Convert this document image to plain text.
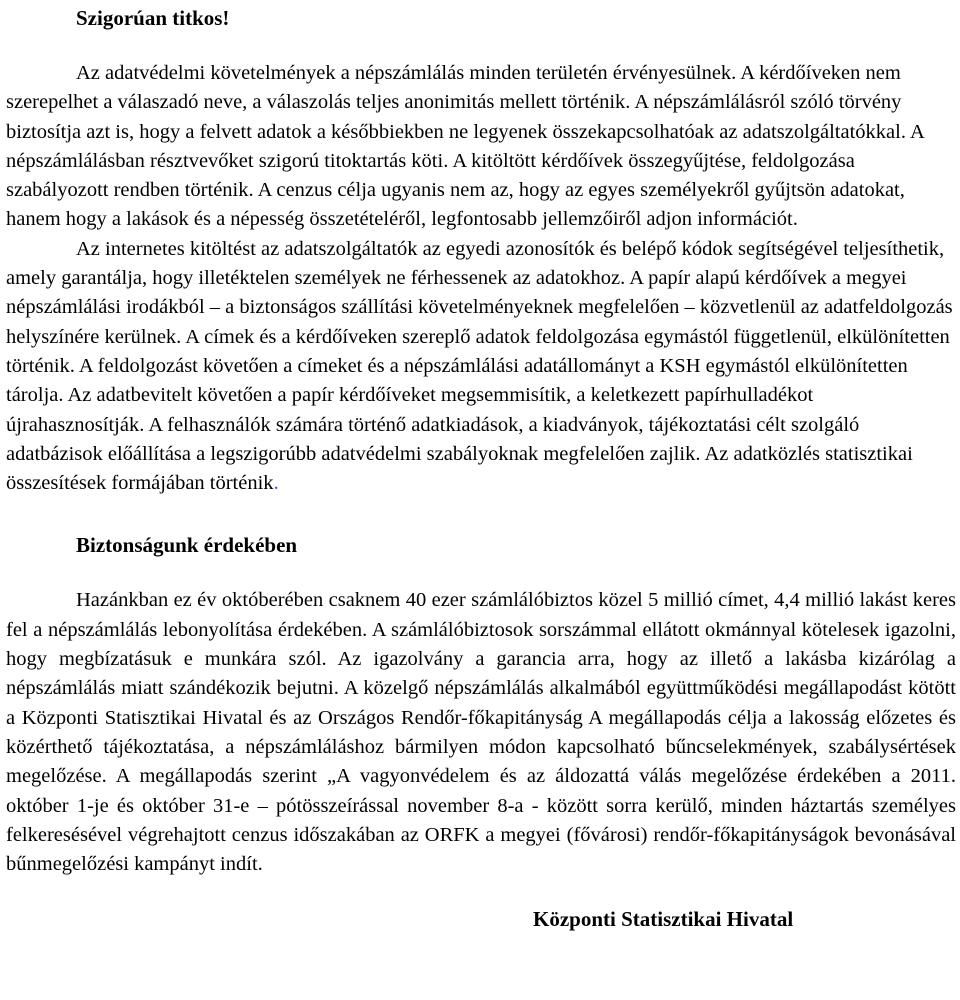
Szigorúan titkos!

Az adatvédelmi követelmények a népszámlálás minden területén érvényesülnek. A kérdőíveken nem szerepelhet a válaszadó neve, a válaszolás teljes anonimitás mellett történik. A népszámlálásról szóló törvény biztosítja azt is, hogy a felvett adatok a későbbiekben ne legyenek összekapcsolhatóak az adatszolgáltatókkal. A népszámlálásban résztvevőket szigorú titoktartás köti. A kitöltött kérdőívek összegyűjtése, feldolgozása szabályozott rendben történik. A cenzus célja ugyanis nem az, hogy az egyes személyekről gyűjtsön adatokat, hanem hogy a lakások és a népesség összetételéről, legfontosabb jellemzőiről adjon információt.

Az internetes kitöltést az adatszolgáltatók az egyedi azonosítók és belépő kódok segítségével teljesíthetik, amely garantálja, hogy illetéktelen személyek ne férhessenek az adatokhoz. A papír alapú kérdőívek a megyei népszámlálási irodákból – a biztonságos szállítási követelményeknek megfelelően – közvetlenül az adatfeldolgozás helyszínére kerülnek. A címek és a kérdőíveken szereplő adatok feldolgozása egymástól függetlenül, elkülönítetten történik. A feldolgozást követően a címeket és a népszámlálási adatállományt a KSH egymástól elkülönítetten tárolja. Az adatbevitelt követően a papír kérdőíveket megsemmisítik, a keletkezett papírhulladékot újrahasznosítják. A felhasználók számára történő adatkiadások, a kiadványok, tájékoztatási célt szolgáló adatbázisok előállítása a legszigorúbb adatvédelmi szabályoknak megfelelően zajlik. Az adatközlés statisztikai összesítések formájában történik.

Biztonságunk érdekében

Hazánkban ez év októberében csaknem 40 ezer számlálóbiztos közel 5 millió címet, 4,4 millió lakást keres fel a népszámlálás lebonyolítása érdekében. A számlálóbiztosok sorszámmal ellátott okmánnyal kötelesek igazolni, hogy megbízatásuk e munkára szól. Az igazolvány a garancia arra, hogy az illető a lakásba kizárólag a népszámlálás miatt szándékozik bejutni. A közelgő népszámlálás alkalmából együttműködési megállapodást kötött a Központi Statisztikai Hivatal és az Országos Rendőr-főkapitányság A megállapodás célja a lakosság előzetes és közérthető tájékoztatása, a népszámláláshoz bármilyen módon kapcsolható bűncselekmények, szabálysértések megelőzése. A megállapodás szerint „A vagyonvédelem és az áldozattá válás megelőzése érdekében a 2011. október 1-je és október 31-e – pótösszeírással november 8-a - között sorra kerülő, minden háztartás személyes felkeresésével végrehajtott cenzus időszakában az ORFK a megyei (fővárosi) rendőr-főkapitányságok bevonásával bűnmegelőzési kampányt indít.

Központi Statisztikai Hivatal
